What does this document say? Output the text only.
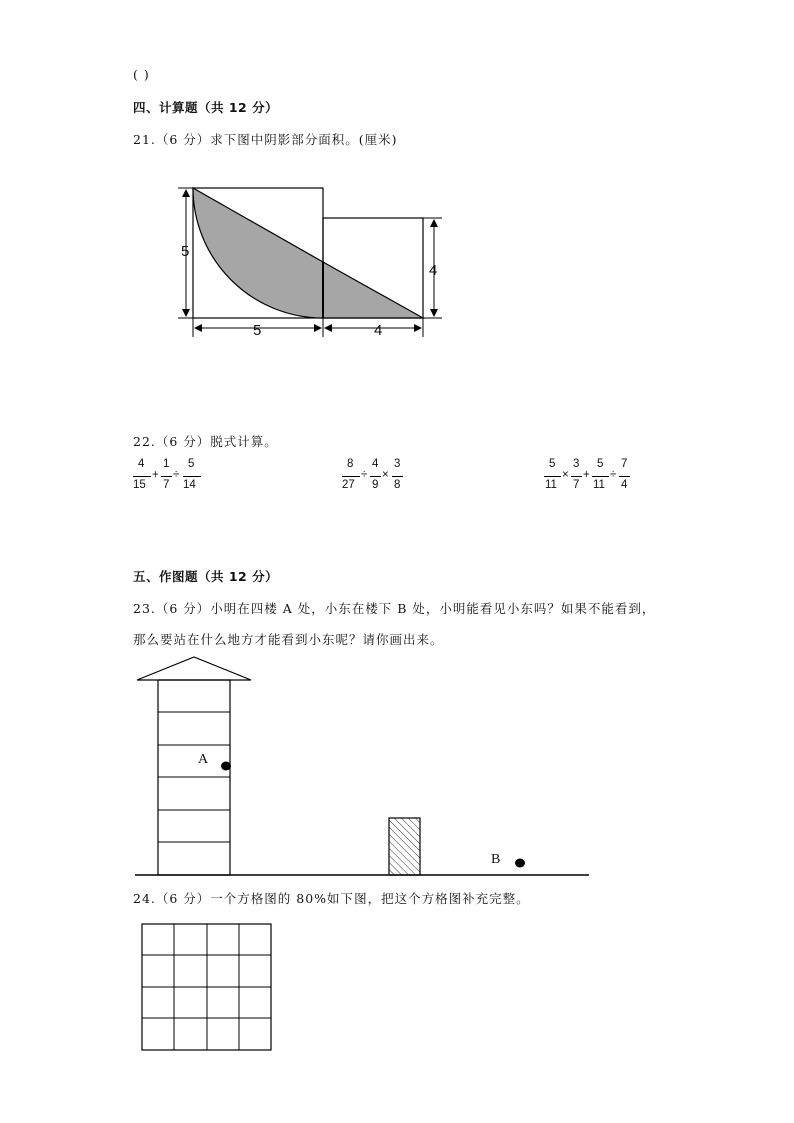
( )
四、计算题（共 12 分）
21.（6 分）求下图中阴影部分面积。(厘米)
5
5
4
4
22.（6 分）脱式计算。
4
15
+
1
7
÷
5
14
8
27
÷
4
9
×
3
8
5
11
×
3
7
+
5
11
÷
7
4
五、作图题（共 12 分）
23.（6 分）小明在四楼 A 处，小东在楼下 B 处，小明能看见小东吗？如果不能看到，
那么要站在什么地方才能看到小东呢？请你画出来。
A
B
24.（6 分）一个方格图的 80%如下图，把这个方格图补充完整。
